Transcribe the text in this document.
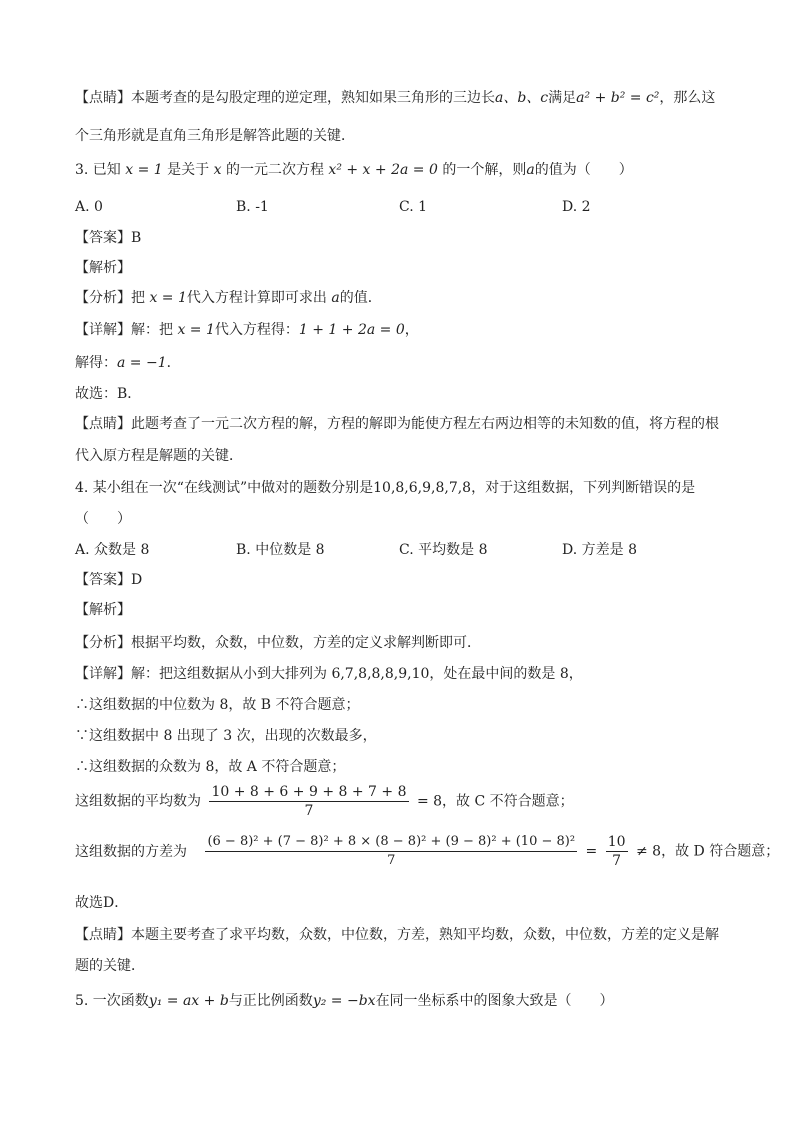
【点睛】本题考查的是勾股定理的逆定理，熟知如果三角形的三边长a、b、c满足a² + b² = c²，那么这
个三角形就是直角三角形是解答此题的关键．
3. 已知 x = 1 是关于 x 的一元二次方程 x² + x + 2a = 0 的一个解，则a的值为（　　）
A. 0	B. -1	C. 1	D. 2
【答案】B
【解析】
【分析】把 x = 1代入方程计算即可求出 a的值．
【详解】解：把 x = 1代入方程得：1 + 1 + 2a = 0，
解得：a = −1．
故选：B．
【点睛】此题考查了一元二次方程的解，方程的解即为能使方程左右两边相等的未知数的值，将方程的根
代入原方程是解题的关键．
4. 某小组在一次“在线测试”中做对的题数分别是10,8,6,9,8,7,8，对于这组数据，下列判断错误的是
（　　）
A. 众数是 8	B. 中位数是 8	C. 平均数是 8	D. 方差是 8
【答案】D
【解析】
【分析】根据平均数，众数，中位数，方差的定义求解判断即可．
【详解】解：把这组数据从小到大排列为 6,7,8,8,8,9,10，处在最中间的数是 8，
∴这组数据的中位数为 8，故 B 不符合题意；
∵这组数据中 8 出现了 3 次，出现的次数最多，
∴这组数据的众数为 8，故 A 不符合题意；
这组数据的平均数为 $\frac{10 + 8 + 6 + 9 + 8 + 7 + 8}{7} = 8$，故 C 不符合题意；
这组数据的方差为 $\frac{\text{(6 − 8)² + (7 − 8)² + 8 × (8 − 8)² + (9 − 8)² + (10 − 8)²}}{7} = \frac{10}{7} \ne 8$，故 D 符合题意；
故选D．
【点睛】本题主要考查了求平均数，众数，中位数，方差，熟知平均数，众数，中位数，方差的定义是解
题的关键．
5. 一次函数y₁ = ax + b与正比例函数y₂ = −bx在同一坐标系中的图象大致是（　　）
